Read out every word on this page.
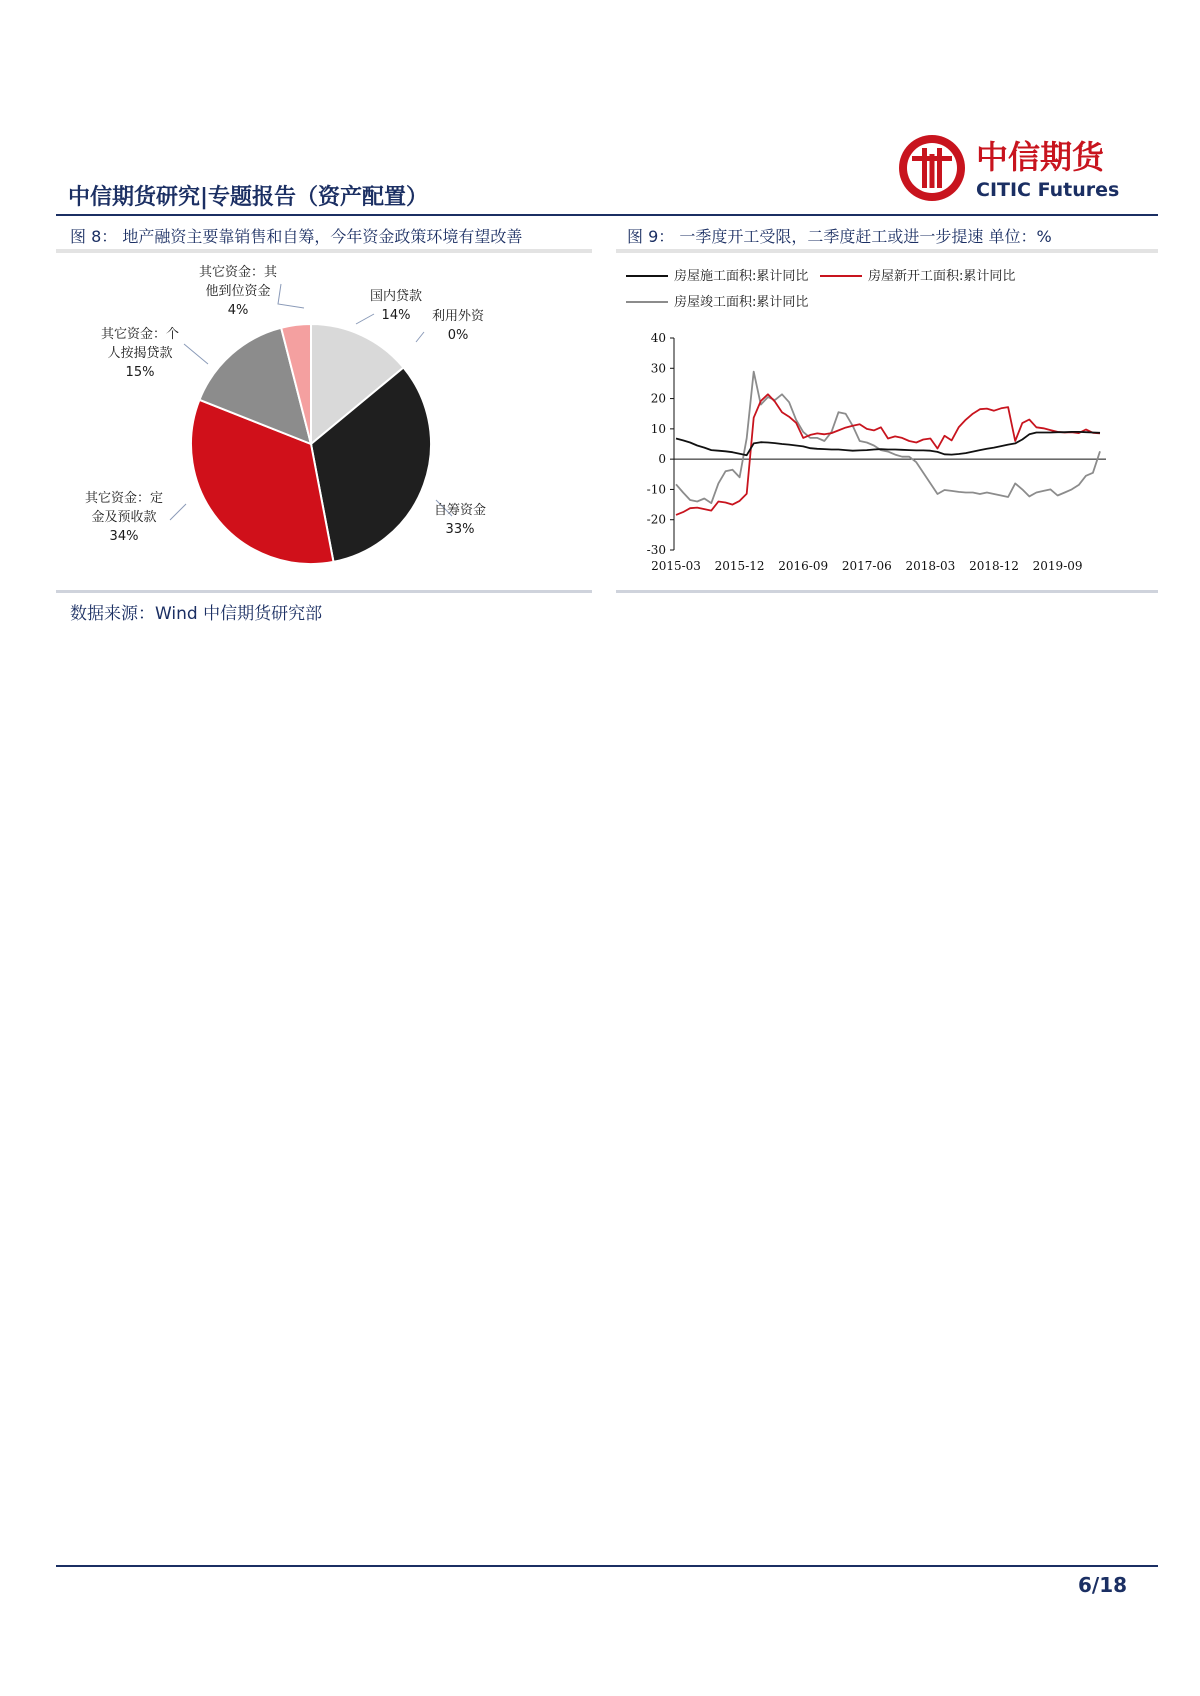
中信期货研究|专题报告（资产配置）
中信期货
CITIC Futures
图 8： 地产融资主要靠销售和自筹，今年资金政策环境有望改善	图 9： 一季度开工受限，二季度赶工或进一步提速 单位：%
其它资金：其
他到位资金
4%
国内贷款
14% 利用外资
0%
其它资金：个
人按揭贷款
15%
其它资金：定
金及预收款
34%
自筹资金
33%
房屋施工面积:累计同比	房屋新开工面积:累计同比
房屋竣工面积:累计同比
40
30
20
10
0
-10
-20
-30
2015-03 2015-12 2016-09 2017-06 2018-03 2018-12 2019-09
数据来源：Wind 中信期货研究部
6/18
